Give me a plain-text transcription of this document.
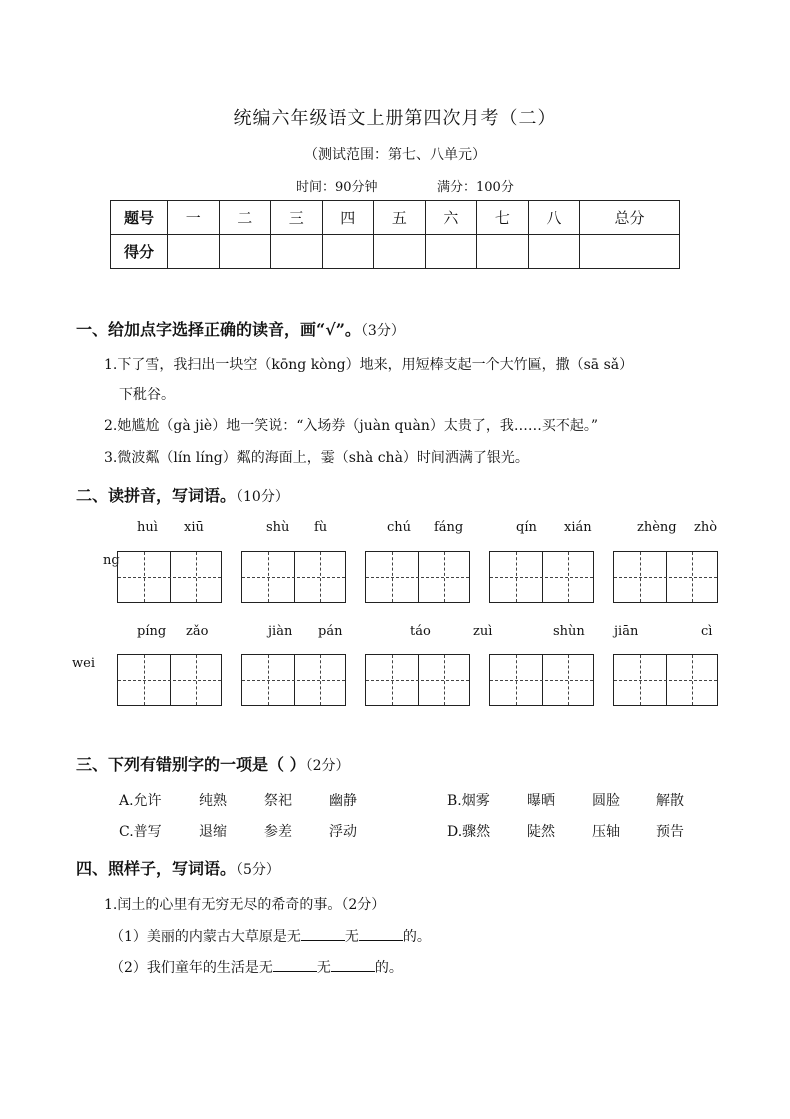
统编六年级语文上册第四次月考（二）
（测试范围：第七、八单元）
时间：90分钟	满分：100分
题号	一	二	三	四	五	六	七	八	总分
得分									
一、给加点字选择正确的读音，画“√”。（3分）
1.下了雪，我扫出一块空（kōng kòng）地来，用短棒支起一个大竹匾，撒（sā sǎ）
下秕谷。
2.她尴尬（gà jiè）地一笑说：“入场券（juàn quàn）太贵了，我……买不起。”
3.微波粼（lín líng）粼的海面上，霎（shà chà）时间洒满了银光。
二、读拼音，写词语。（10分）
huì xiū	shù fù	chú fáng	qín xián	zhèng zhò
ng
píng zǎo	jiàn pán	táo	zuì	shùn jiān	cì
wei
三、下列有错别字的一项是（ ）（2分）
A.允许	纯熟	祭祀	幽静	B.烟雾	曝晒	圆脸	解散
C.普写	退缩	参差	浮动	D.骤然	陡然	压轴	预告
四、照样子，写词语。（5分）
1.闰土的心里有无穷无尽的希奇的事。（2分）
（1）美丽的内蒙古大草原是无	无	的。
（2）我们童年的生活是无	无	的。
